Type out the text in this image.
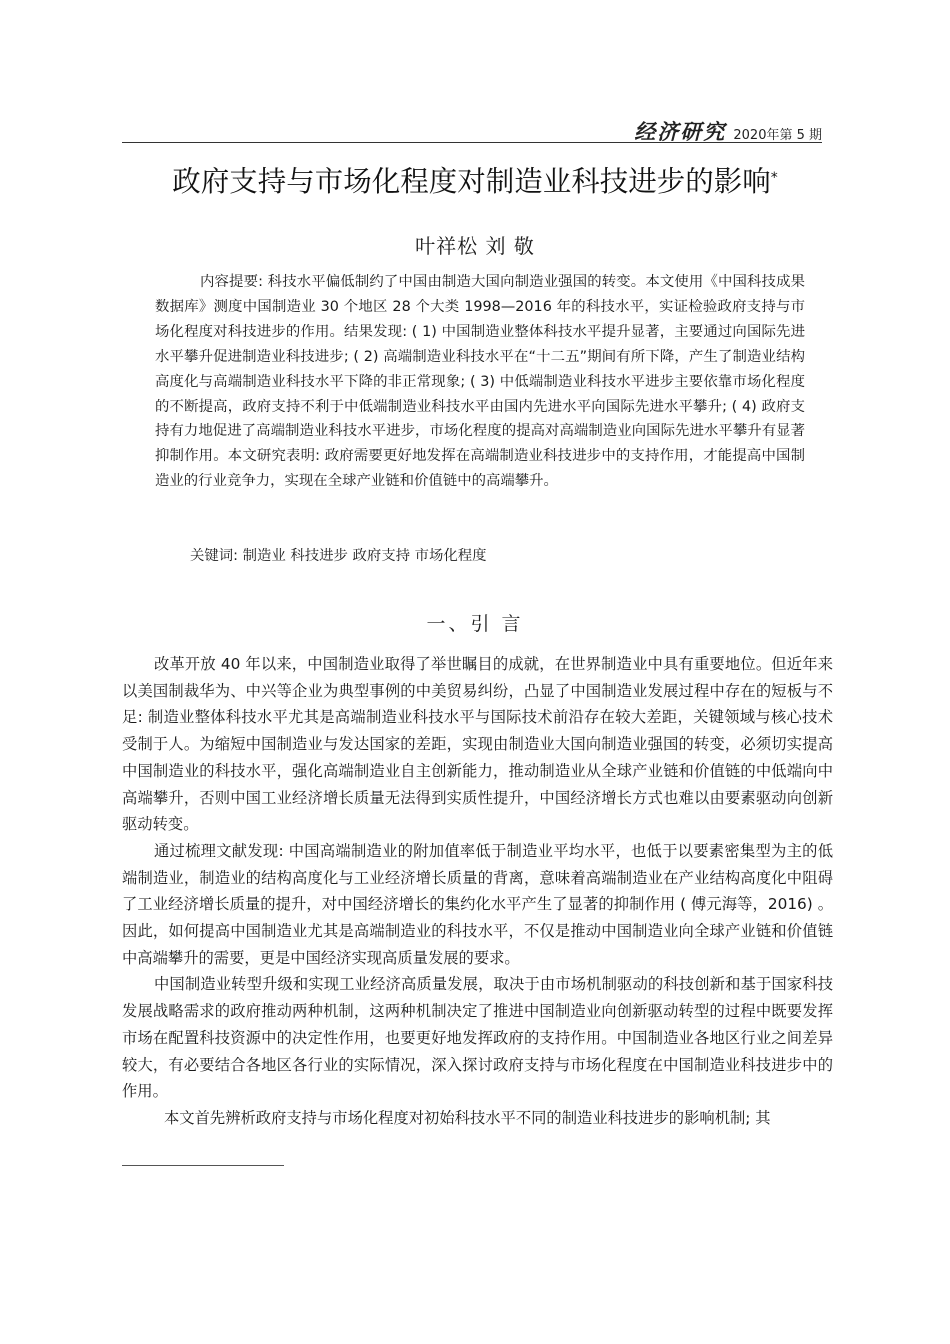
经济研究 2020年第 5 期
政府支持与市场化程度对制造业科技进步的影响*
叶祥松 刘 敬

内容提要: 科技水平偏低制约了中国由制造大国向制造业强国的转变。本文使用《中国科技成果数据库》测度中国制造业 30 个地区 28 个大类 1998—2016 年的科技水平，实证检验政府支持与市场化程度对科技进步的作用。结果发现: ( 1) 中国制造业整体科技水平提升显著，主要通过向国际先进水平攀升促进制造业科技进步; ( 2) 高端制造业科技水平在“十二五”期间有所下降，产生了制造业结构高度化与高端制造业科技水平下降的非正常现象; ( 3) 中低端制造业科技水平进步主要依靠市场化程度的不断提高，政府支持不利于中低端制造业科技水平由国内先进水平向国际先进水平攀升; ( 4) 政府支持有力地促进了高端制造业科技水平进步，市场化程度的提高对高端制造业向国际先进水平攀升有显著抑制作用。本文研究表明: 政府需要更好地发挥在高端制造业科技进步中的支持作用，才能提高中国制造业的行业竞争力，实现在全球产业链和价值链中的高端攀升。

关键词: 制造业 科技进步 政府支持 市场化程度
一、引 言

改革开放 40 年以来，中国制造业取得了举世瞩目的成就，在世界制造业中具有重要地位。但近年来以美国制裁华为、中兴等企业为典型事例的中美贸易纠纷，凸显了中国制造业发展过程中存在的短板与不足: 制造业整体科技水平尤其是高端制造业科技水平与国际技术前沿存在较大差距，关键领域与核心技术受制于人。为缩短中国制造业与发达国家的差距，实现由制造业大国向制造业强国的转变，必须切实提高中国制造业的科技水平，强化高端制造业自主创新能力，推动制造业从全球产业链和价值链的中低端向中高端攀升，否则中国工业经济增长质量无法得到实质性提升，中国经济增长方式也难以由要素驱动向创新驱动转变。

通过梳理文献发现: 中国高端制造业的附加值率低于制造业平均水平，也低于以要素密集型为主的低端制造业，制造业的结构高度化与工业经济增长质量的背离，意味着高端制造业在产业结构高度化中阻碍了工业经济增长质量的提升，对中国经济增长的集约化水平产生了显著的抑制作用 ( 傅元海等，2016) 。因此，如何提高中国制造业尤其是高端制造业的科技水平，不仅是推动中国制造业向全球产业链和价值链中高端攀升的需要，更是中国经济实现高质量发展的要求。

中国制造业转型升级和实现工业经济高质量发展，取决于由市场机制驱动的科技创新和基于国家科技发展战略需求的政府推动两种机制，这两种机制决定了推进中国制造业向创新驱动转型的过程中既要发挥市场在配置科技资源中的决定性作用，也要更好地发挥政府的支持作用。中国制造业各地区行业之间差异较大，有必要结合各地区各行业的实际情况，深入探讨政府支持与市场化程度在中国制造业科技进步中的作用。

本文首先辨析政府支持与市场化程度对初始科技水平不同的制造业科技进步的影响机制; 其
